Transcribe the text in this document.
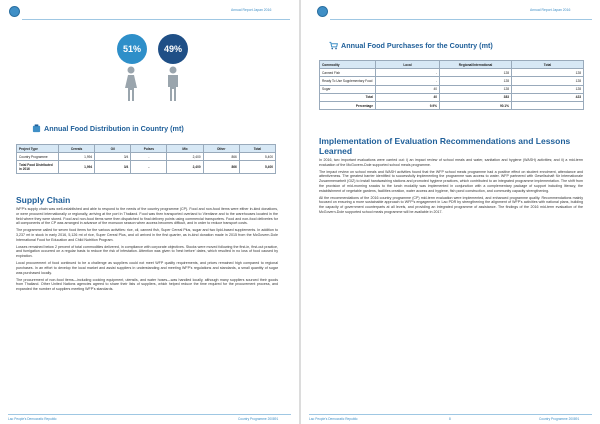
Annual Report Japan 2016
51%	49%
Annual Food Distribution in Country (mt)
Project Type	Cereals	Oil	Pulses	Mix	Other	Total
Country Programme	1,994	3/4	-	2,400	866	5,400
Total Food Distributed in 2016	1,994	3/4	-	2,400	866	5,400
Supply Chain

WFP's supply chain was well-established and able to respond to the needs of the country programme (CP). Food and non-food items were either in-kind donations, or were procured internationally or regionally, arriving at the port in Thailand. Food was then transported overland to Vientiane and to the warehouses located in the field where they were stored. Food and non-food items were then dispatched to final delivery points using commercial transporters. Food and non-food deliveries for all components of the CP was arranged in advance of the monsoon season when access becomes difficult, and in order to reduce transport costs.

The programme called for seven food items for the various activities: rice, oil, canned fish, Super Cereal Plus, sugar and two lipid-based supplements. In addition to 3,237 mt in stock in early 2016, 5,126 mt of rice, Super Cereal Plus, and oil arrived in the first quarter, as in-kind donation made in 2015 from the McGovern-Dole International Food for Education and Child Nutrition Program.

Losses remained below 2 percent of total commodities delivered, in compliance with corporate objectives. Stocks were moved following the first-in, first-out practice, and fumigation occurred on a regular basis to reduce the risk of infestation. Attention was given to 'best before' dates, which resulted in no loss of food caused by expiration.

Local procurement of food continued to be a challenge as suppliers could not meet WFP quality requirements, and prices remained high compared to regional purchases. In an effort to develop the local market and assist suppliers in understanding and meeting WFP's regulations and standards, a small quantity of sugar was purchased locally.

The procurement of non-food items—including cooking equipment, utensils, and water hoses—was handled locally, although many suppliers sourced their goods from Thailand. Other United Nations agencies agreed to share their lists of suppliers, which helped reduce the time required for the procurement process, and expanded the number of suppliers meeting WFP's standards.

Lao People's Democratic Republic	Country Programme 200891
Annual Report Japan 2016
Annual Food Purchases for the Country (mt)
Commodity	Local	Regional/International	Total
Canned Fish	-	128	128
Ready To Use Supplementary Food	-	128	128
Sugar	40	128	128
Total	40	383	423
Percentage	9.9%	90.1%	
Implementation of Evaluation Recommendations and Lessons Learned

In 2016, two important evaluations were carried out: i) an impact review of school meals and water, sanitation and hygiene (WASH) activities; and ii) a mid-term evaluation of the McGovern-Dole supported school meals programme.

The impact review on school meals and WASH activities found that the WFP school meals programme had a positive effect on student enrolment, attendance and attentiveness. The greatest barrier identified to successfully implementing the programme was access to water. WFP partnered with Gesellschaft für Internationale Zusammenarbeit (GIZ) to install handwashing stations and promoted hygiene practices, which contributed to an integrated programme implementation. The shift from the provision of mid-morning snacks to the lunch modality was implemented in conjunction with a complementary package of support including literacy, the establishment of vegetable gardens, facilities creation, water access and hygiene, fish pond construction, and community capacity strengthening.

All the recommendations of the 2016 country programme (CP) mid-term evaluation were implemented, and enhanced programme quality. Recommendations mainly focused on ensuring a more sustainable approach to WFP's engagement in Lao PDR by strengthening the alignment of WFP's activities with national plans, building the capacity of government counterparts at all levels, and providing an integrated programme of assistance. The findings of the 2016 mid-term evaluation of the McGovern-Dole supported school meals programme will be available in 2017.

Lao People's Democratic Republic	8	Country Programme 200891
